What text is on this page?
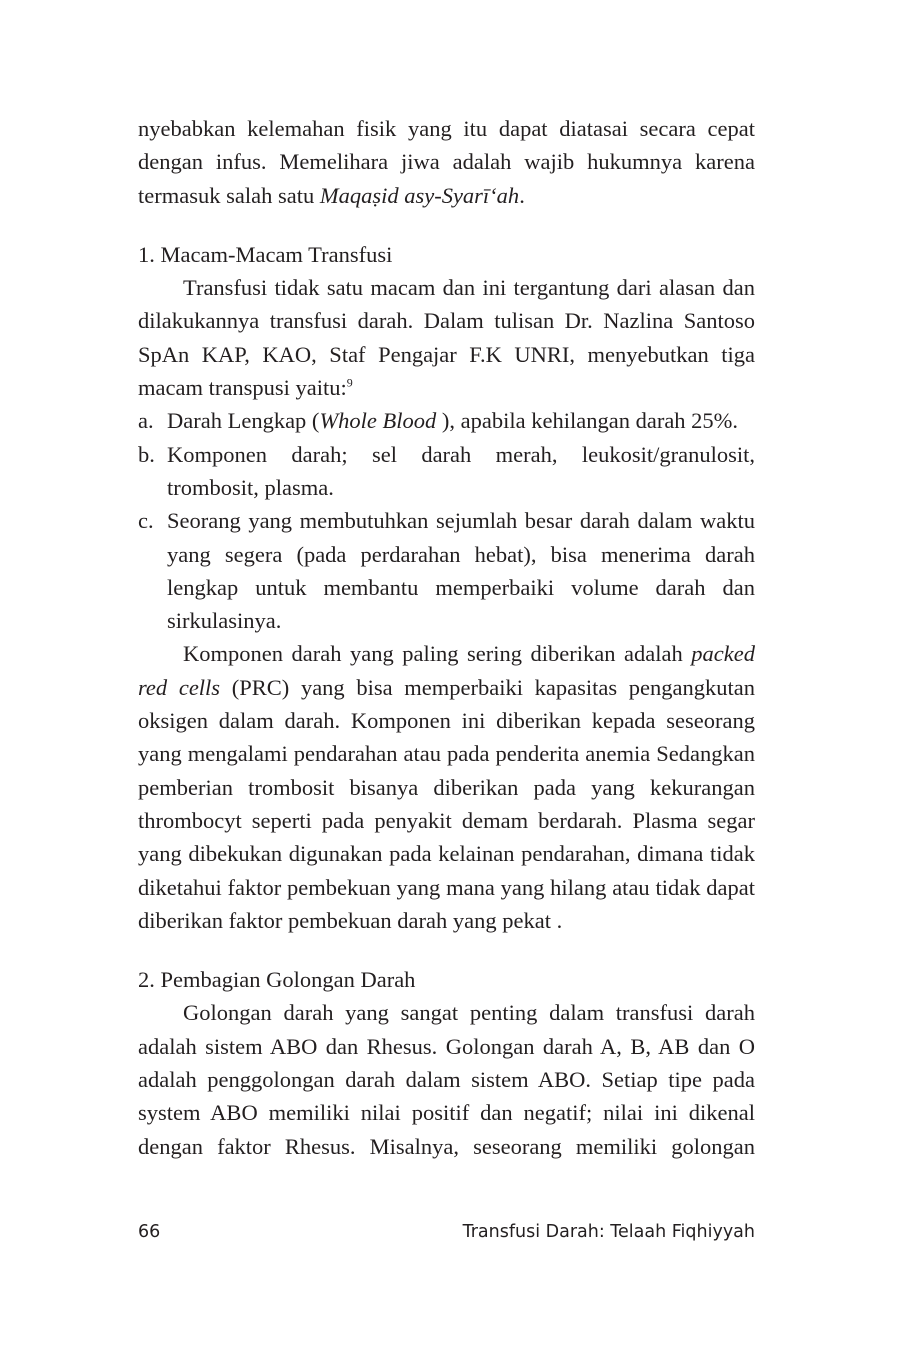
nyebabkan kelemahan fisik yang itu dapat diatasai secara cepat dengan infus. Memelihara jiwa adalah wajib hukumnya karena termasuk salah satu Maqaṣid asy-Syarī‘ah.

1. Macam-Macam Transfusi

Transfusi tidak satu macam dan ini tergantung dari alasan dan dilakukannya transfusi darah. Dalam tulisan Dr. Nazlina Santoso SpAn KAP, KAO, Staf Pengajar F.K UNRI, menyebutkan tiga macam transpusi yaitu:$^9$

a. Darah Lengkap (Whole Blood ), apabila kehilangan darah 25%.
b. Komponen darah; sel darah merah, leukosit/granulosit, trombosit, plasma.
c. Seorang yang membutuhkan sejumlah besar darah dalam waktu yang segera (pada perdarahan hebat), bisa menerima darah lengkap untuk membantu memperbaiki volume darah dan sirkulasinya.

Komponen darah yang paling sering diberikan adalah packed red cells (PRC) yang bisa memperbaiki kapasitas pengangkutan oksigen dalam darah. Komponen ini diberikan kepada seseorang yang mengalami pendarahan atau pada penderita anemia Sedangkan pemberian trombosit bisanya diberikan pada yang kekurangan thrombocyt seperti pada penyakit demam berdarah. Plasma segar yang dibekukan digunakan pada kelainan pendarahan, dimana tidak diketahui faktor pembekuan yang mana yang hilang atau tidak dapat diberikan faktor pembekuan darah yang pekat .

2. Pembagian Golongan Darah

Golongan darah yang sangat penting dalam transfusi darah adalah sistem ABO dan Rhesus. Golongan darah A, B, AB dan O adalah penggolongan darah dalam sistem ABO. Setiap tipe pada system ABO memiliki nilai positif dan negatif; nilai ini dikenal dengan faktor Rhesus. Misalnya, seseorang memiliki golongan

66	Transfusi Darah: Telaah Fiqhiyyah
